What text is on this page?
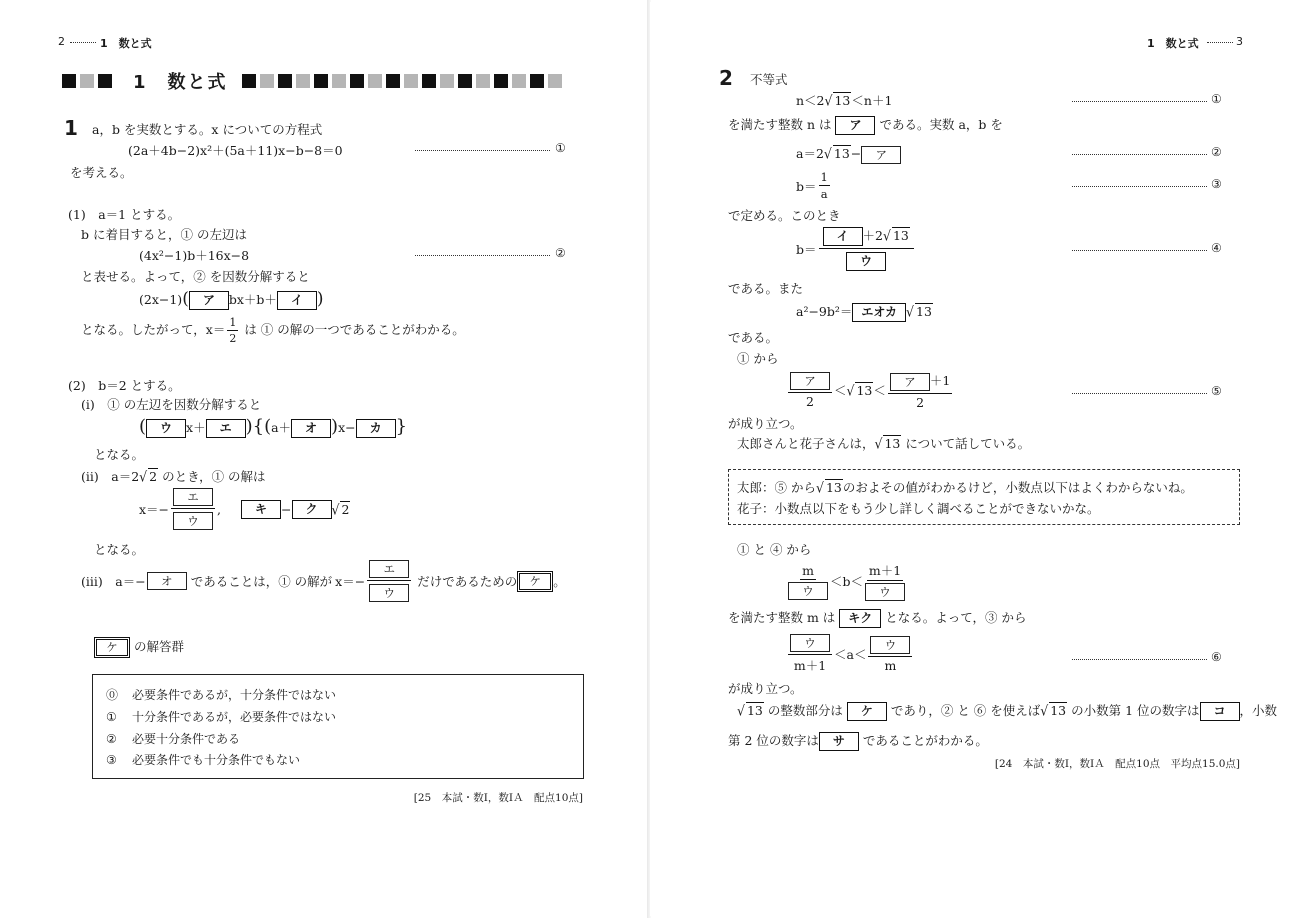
2	1　数と式
1　数と式
1 a，b を実数とする。x についての方程式
(2a＋4b−2)x²＋(5a＋11)x−b−8＝0	①
を考える。
(1)　a＝1 とする。
b に着目すると，① の左辺は
(4x²−1)b＋16x−8	②
と表せる。よって，② を因数分解すると
(2x−1)( ア bx＋b＋ イ )
となる。したがって，$x= \frac{1}{2}$ は ① の解の一つであることがわかる。
(2)　b＝2 とする。
(i)　① の左辺を因数分解すると
( ウ x＋ エ ){(a＋ オ )x− カ }
となる。
(ii)　a＝2√ 2 のとき，① の解は
$x=- \frac{\text{エ}}{\text{ウ}}$ ,	キ	−	ク	√ 2
となる。
(iii)　a＝−	オ	であることは，① の解が $x=- \frac{\text{エ}}{\text{ウ}}$ だけであるための	ケ 。
ケ の解答群
⓪ 必要条件であるが，十分条件ではない
① 十分条件であるが，必要条件ではない
② 必要十分条件である
③ 必要条件でも十分条件でもない
[25　本試・数Ⅰ，数ⅠＡ　配点10点]
1　数と式	3
2 不等式
n＜2√ 13＜n＋1	①
を満たす整数 n は ア である。実数 a，b を
a＝2√ 13− ア	②
$b= \frac{1}{a}$	③
で定める。このとき
$b= \frac{\text{イ ＋2√ 13}}{\text{ウ}}$	④
である。また
a²−9b²＝ エオカ √ 13
である。
① から
$\frac{\text{ア}}{2}$ ＜ √ $13 < \frac{\text{ア ＋1}}{2}$	⑤
が成り立つ。
太郎さんと花子さんは，√ 13 について話している。
太郎：⑤ から√ 13のおよその値がわかるけど，小数点以下はよくわからないね。
花子：小数点以下をもう少し詳しく調べることができないかな。
① と ④ から
$\frac{m}{\text{ウ}} <b< \frac{m+1}{\text{ウ}}$
を満たす整数 m は キク となる。よって，③ から
$\frac{\text{ウ}}{m+1} <a< \frac{\text{ウ}}{m}$	⑥
が成り立つ。
√ 13 の整数部分は ケ であり，② と ⑥ を使えば√ 13 の小数第 1 位の数字は コ ，小数
第 2 位の数字は サ であることがわかる。
[24　本試・数Ⅰ，数ⅠＡ　配点10点　平均点15.0点]
